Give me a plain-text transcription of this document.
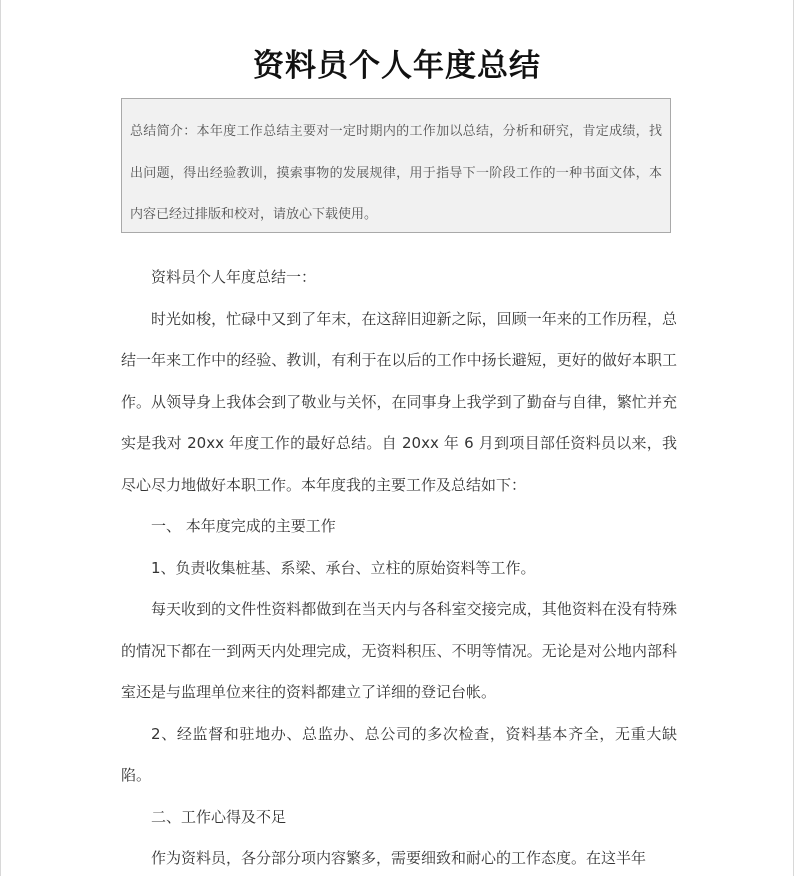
资料员个人年度总结
总结简介：本年度工作总结主要对一定时期内的工作加以总结，分析和研究，肯定成绩，找出问题，得出经验教训，摸索事物的发展规律，用于指导下一阶段工作的一种书面文体，本内容已经过排版和校对，请放心下载使用。

资料员个人年度总结一：

时光如梭，忙碌中又到了年末，在这辞旧迎新之际，回顾一年来的工作历程，总结一年来工作中的经验、教训，有利于在以后的工作中扬长避短，更好的做好本职工作。从领导身上我体会到了敬业与关怀，在同事身上我学到了勤奋与自律，繁忙并充实是我对 20xx 年度工作的最好总结。自 20xx 年 6 月到项目部任资料员以来，我尽心尽力地做好本职工作。本年度我的主要工作及总结如下：

一、 本年度完成的主要工作

1、负责收集桩基、系梁、承台、立柱的原始资料等工作。

每天收到的文件性资料都做到在当天内与各科室交接完成，其他资料在没有特殊的情况下都在一到两天内处理完成，无资料积压、不明等情况。无论是对公地内部科室还是与监理单位来往的资料都建立了详细的登记台帐。

2、经监督和驻地办、总监办、总公司的多次检查，资料基本齐全，无重大缺陷。

二、工作心得及不足

作为资料员，各分部分项内容繁多，需要细致和耐心的工作态度。在这半年
